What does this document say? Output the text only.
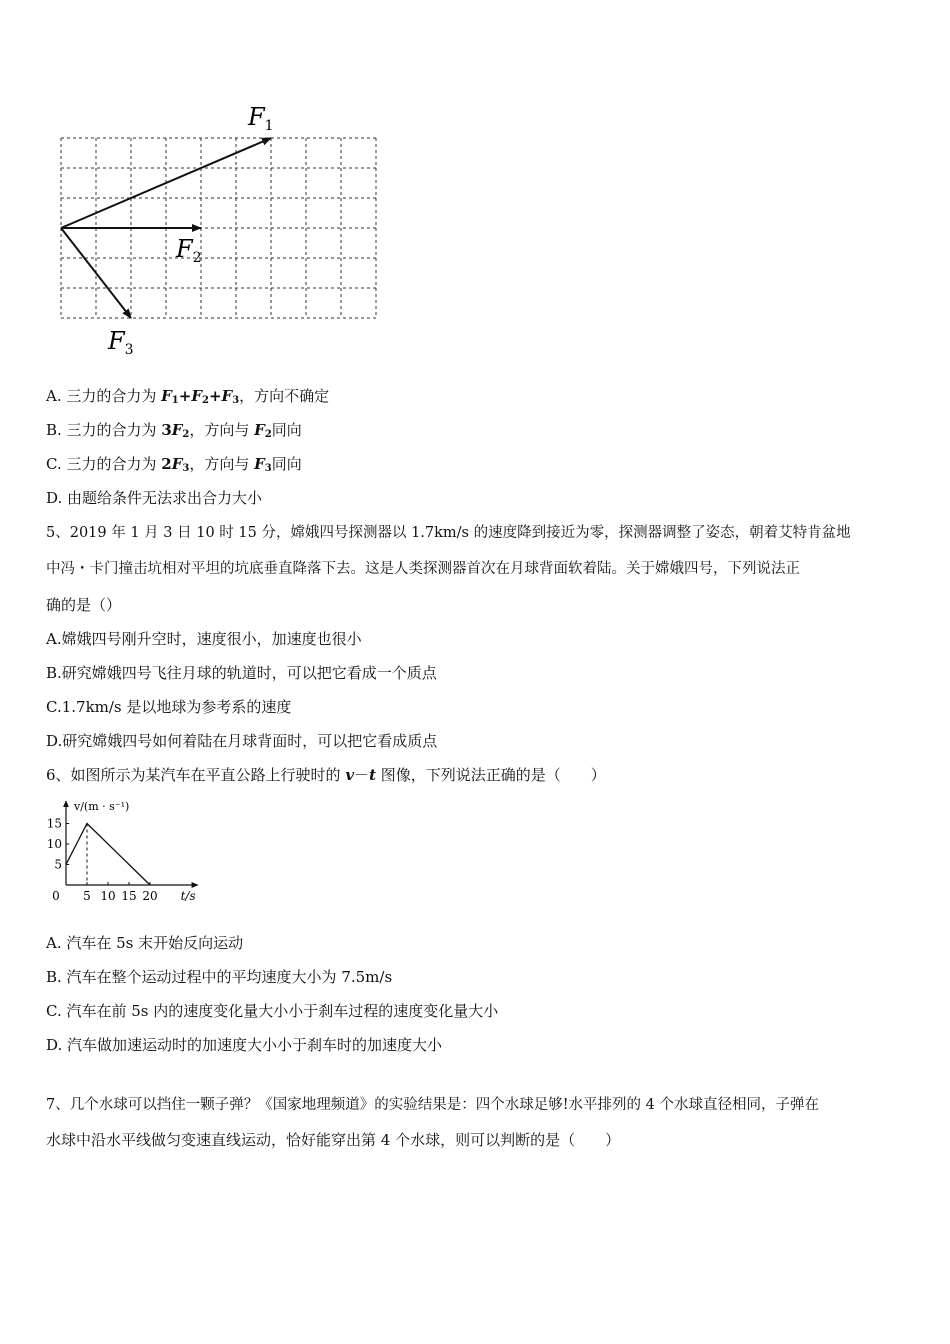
$F_1$
$F_2$
$F_3$
A. 三力的合力为 $F_1+F_2+F_3$，方向不确定
B. 三力的合力为 $3F_2$，方向与 $F_2$同向
C. 三力的合力为 $2F_3$，方向与 $F_3$同向
D. 由题给条件无法求出合力大小
5、2019 年 1 月 3 日 10 时 15 分，嫦娥四号探测器以 1.7km/s 的速度降到接近为零，探测器调整了姿态，朝着艾特肯盆地
中冯・卡门撞击坑相对平坦的坑底垂直降落下去。这是人类探测器首次在月球背面软着陆。关于嫦娥四号，下列说法正
确的是（）
A.嫦娥四号刚升空时，速度很小，加速度也很小
B.研究嫦娥四号飞往月球的轨道时，可以把它看成一个质点
C.1.7km/s 是以地球为参考系的速度
D.研究嫦娥四号如何着陆在月球背面时，可以把它看成质点
6、如图所示为某汽车在平直公路上行驶时的 v－t 图像，下列说法正确的是（　　）
v/(m · s⁻¹)
t/s
0 5 10 15 20
5
10
15
A. 汽车在 5s 末开始反向运动
B. 汽车在整个运动过程中的平均速度大小为 7.5m/s
C. 汽车在前 5s 内的速度变化量大小小于刹车过程的速度变化量大小
D. 汽车做加速运动时的加速度大小小于刹车时的加速度大小
7、几个水球可以挡住一颗子弹？《国家地理频道》的实验结果是：四个水球足够!水平排列的 4 个水球直径相同，子弹在
水球中沿水平线做匀变速直线运动，恰好能穿出第 4 个水球，则可以判断的是（　　）
